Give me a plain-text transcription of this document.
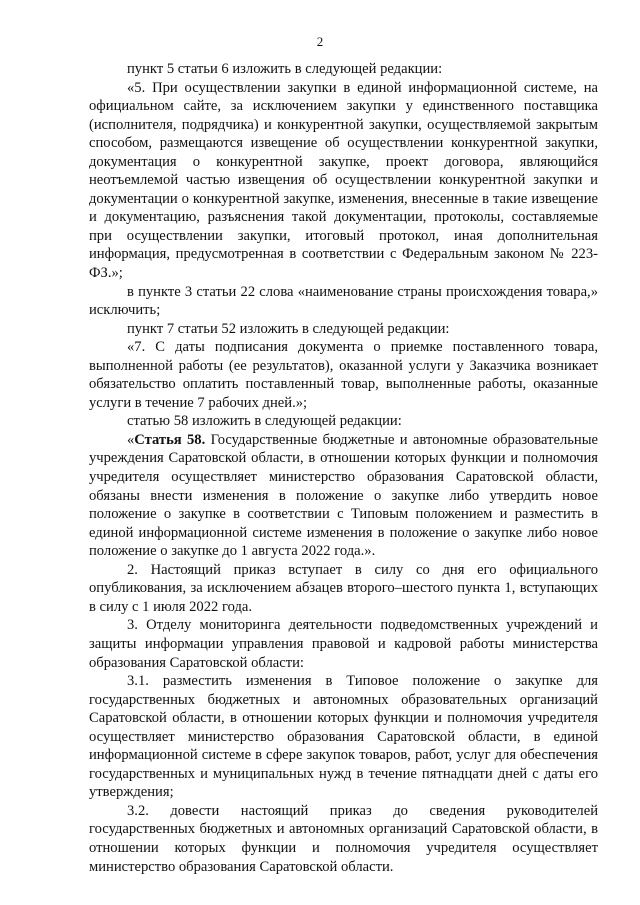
2

пункт 5 статьи 6 изложить в следующей редакции:

«5. При осуществлении закупки в единой информационной системе, на официальном сайте, за исключением закупки у единственного поставщика (исполнителя, подрядчика) и конкурентной закупки, осуществляемой закрытым способом, размещаются извещение об осуществлении конкурентной закупки, документация о конкурентной закупке, проект договора, являющийся неотъемлемой частью извещения об осуществлении конкурентной закупки и документации о конкурентной закупке, изменения, внесенные в такие извещение и документацию, разъяснения такой документации, протоколы, составляемые при осуществлении закупки, итоговый протокол, иная дополнительная информация, предусмотренная в соответствии с Федеральным законом № 223-ФЗ.»;

в пункте 3 статьи 22 слова «наименование страны происхождения товара,» исключить;

пункт 7 статьи 52 изложить в следующей редакции:

«7. С даты подписания документа о приемке поставленного товара, выполненной работы (ее результатов), оказанной услуги у Заказчика возникает обязательство оплатить поставленный товар, выполненные работы, оказанные услуги в течение 7 рабочих дней.»;

статью 58 изложить в следующей редакции:

«Статья 58. Государственные бюджетные и автономные образовательные учреждения Саратовской области, в отношении которых функции и полномочия учредителя осуществляет министерство образования Саратовской области, обязаны внести изменения в положение о закупке либо утвердить новое положение о закупке в соответствии с Типовым положением и разместить в единой информационной системе изменения в положение о закупке либо новое положение о закупке до 1 августа 2022 года.».

2. Настоящий приказ вступает в силу со дня его официального опубликования, за исключением абзацев второго–шестого пункта 1, вступающих в силу с 1 июля 2022 года.

3. Отделу мониторинга деятельности подведомственных учреждений и защиты информации управления правовой и кадровой работы министерства образования Саратовской области:

3.1. разместить изменения в Типовое положение о закупке для государственных бюджетных и автономных образовательных организаций Саратовской области, в отношении которых функции и полномочия учредителя осуществляет министерство образования Саратовской области, в единой информационной системе в сфере закупок товаров, работ, услуг для обеспечения государственных и муниципальных нужд в течение пятнадцати дней с даты его утверждения;

3.2. довести настоящий приказ до сведения руководителей государственных бюджетных и автономных организаций Саратовской области, в отношении которых функции и полномочия учредителя осуществляет министерство образования Саратовской области.
